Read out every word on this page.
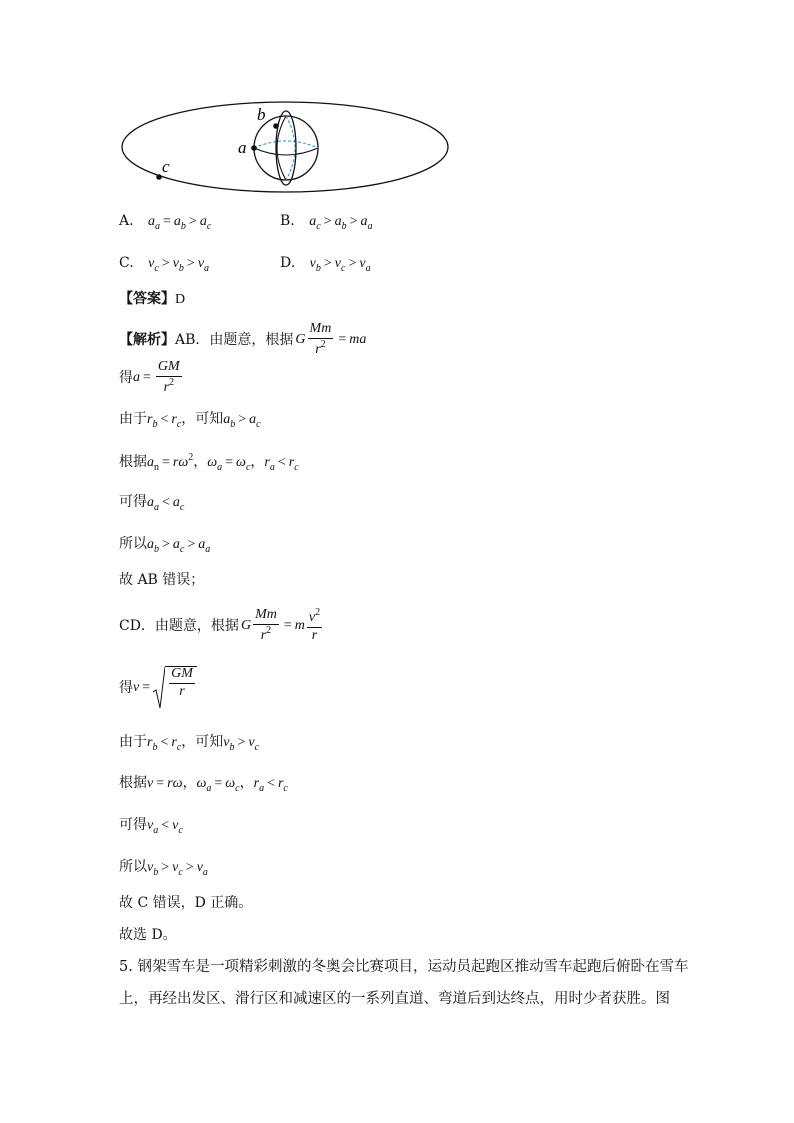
a
b
c
A. $a_a = a_b > a_c$	B. $a_c > a_b > a_a$
C. $v_c > v_b > v_a$	D. $v_b > v_c > v_a$
【答案】D
【解析】 AB．由题意，根据 G $\frac{Mm}{r^2}$ = ma
得 $a = \frac{GM}{r^2}$
由于$r_b < r_c$，可知$a_b > a_c$
根据$a_n = r\omega^2$，$\omega_a = \omega_c$，$r_a < r_c$
可得$a_a < a_c$
所以$a_b > a_c > a_a$
故 AB 错误；
CD．由题意，根据 G $\frac{Mm}{r^2} = m \frac{v^2}{r}$
得 $v = \frac{GM}{r}$
由于$r_b < r_c$，可知$v_b > v_c$
根据v = rω，$\omega_a = \omega_c$，$r_a < r_c$
可得$v_a < v_c$
所以$v_b > v_c > v_a$
故 C 错误，D 正确。
故选 D。
5. 钢架雪车是一项精彩刺激的冬奥会比赛项目，运动员起跑区推动雪车起跑后俯卧在雪车
上，再经出发区、滑行区和减速区的一系列直道、弯道后到达终点，用时少者获胜。图
